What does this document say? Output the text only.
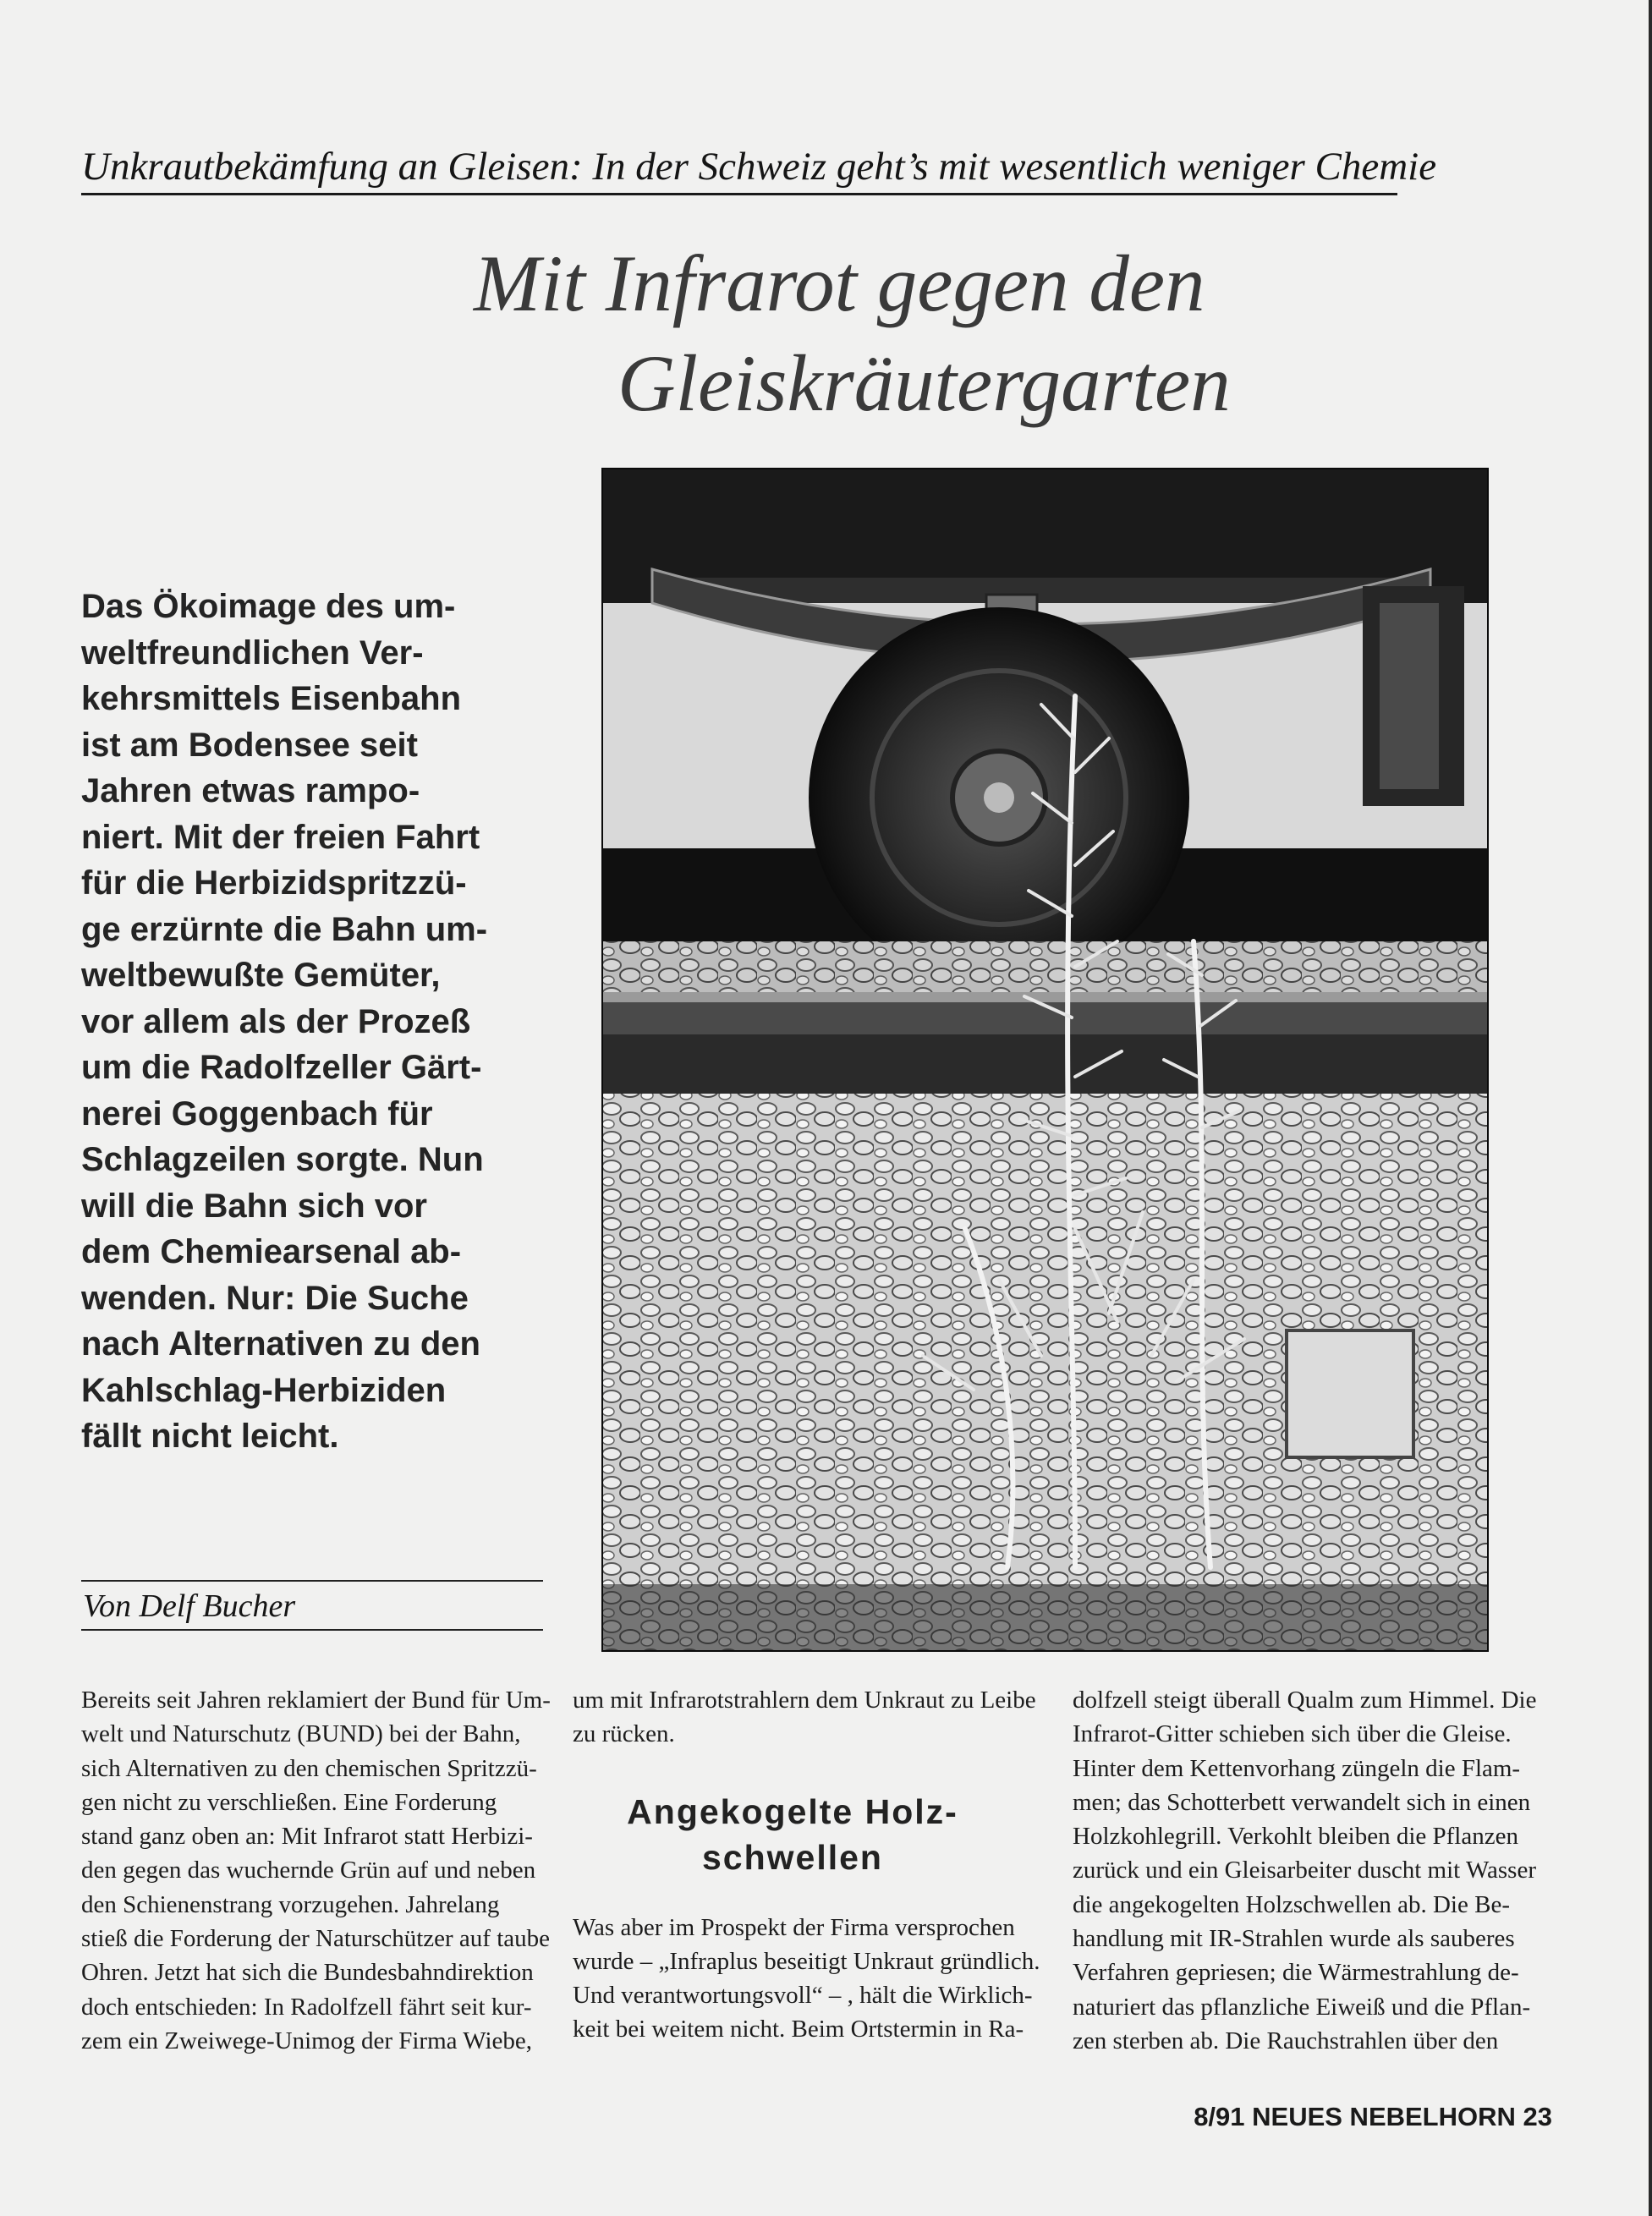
Unkrautbekämfung an Gleisen: In der Schweiz geht’s mit wesentlich weniger Chemie
Mit Infrarot gegen den
Gleiskräutergarten
Das Ökoimage des um-
weltfreundlichen Ver-
kehrsmittels Eisenbahn
ist am Bodensee seit
Jahren etwas rampo-
niert. Mit der freien Fahrt
für die Herbizidspritzzü-
ge erzürnte die Bahn um-
weltbewußte Gemüter,
vor allem als der Prozeß
um die Radolfzeller Gärt-
nerei Goggenbach für
Schlagzeilen sorgte. Nun
will die Bahn sich vor
dem Chemiearsenal ab-
wenden. Nur: Die Suche
nach Alternativen zu den
Kahlschlag-Herbiziden
fällt nicht leicht.
Von Delf Bucher
Bereits seit Jahren reklamiert der Bund für Um-
welt und Naturschutz (BUND) bei der Bahn,
sich Alternativen zu den chemischen Spritzzü-
gen nicht zu verschließen. Eine Forderung
stand ganz oben an: Mit Infrarot statt Herbizi-
den gegen das wuchernde Grün auf und neben
den Schienenstrang vorzugehen. Jahrelang
stieß die Forderung der Naturschützer auf taube
Ohren. Jetzt hat sich die Bundesbahndirektion
doch entschieden: In Radolfzell fährt seit kur-
zem ein Zweiwege-Unimog der Firma Wiebe,
um mit Infrarotstrahlern dem Unkraut zu Leibe
zu rücken.
Angekogelte Holz-
schwellen
Was aber im Prospekt der Firma versprochen
wurde – „Infraplus beseitigt Unkraut gründlich.
Und verantwortungsvoll“ – , hält die Wirklich-
keit bei weitem nicht. Beim Ortstermin in Ra-
dolfzell steigt überall Qualm zum Himmel. Die
Infrarot-Gitter schieben sich über die Gleise.
Hinter dem Kettenvorhang züngeln die Flam-
men; das Schotterbett verwandelt sich in einen
Holzkohlegrill. Verkohlt bleiben die Pflanzen
zurück und ein Gleisarbeiter duscht mit Wasser
die angekogelten Holzschwellen ab. Die Be-
handlung mit IR-Strahlen wurde als sauberes
Verfahren gepriesen; die Wärmestrahlung de-
naturiert das pflanzliche Eiweiß und die Pflan-
zen sterben ab. Die Rauchstrahlen über den
8/91 NEUES NEBELHORN 23
